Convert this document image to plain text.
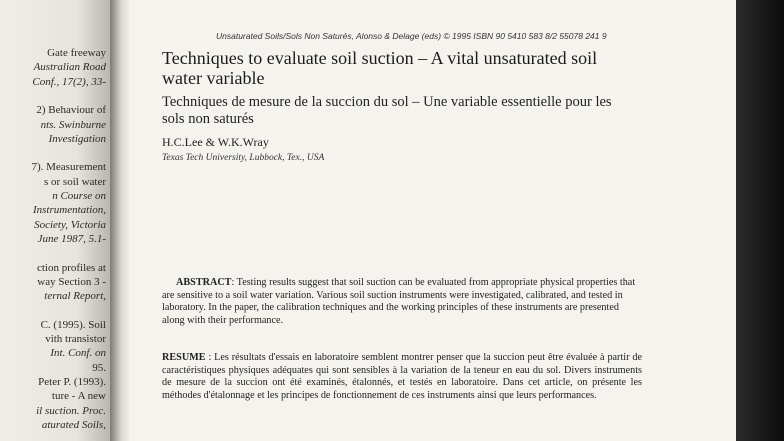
Gate freeway
Australian Road
Conf., 17(2), 33-
2) Behaviour of
nts. Swinburne
Investigation
7). Measurement
s or soil water
n Course on
Instrumentation,
Society, Victoria
June 1987, 5.1-
ction profiles at
way Section 3 -
ternal Report,
C. (1995). Soil
vith transistor
Int. Conf. on
95.
Peter P. (1993).
ture - A new
il suction. Proc.
aturated Soils,
Unsaturated Soils/Sols Non Saturés, Alonso & Delage (eds) © 1995 ISBN 90 5410 583 8/2 55078 241 9
Techniques to evaluate soil suction – A vital unsaturated soil water variable
Techniques de mesure de la succion du sol – Une variable essentielle pour les sols non saturés
H.C.Lee & W.K.Wray
Texas Tech University, Lubbock, Tex., USA
ABSTRACT: Testing results suggest that soil suction can be evaluated from appropriate physical properties that are sensitive to a soil water variation. Various soil suction instruments were investigated, calibrated, and tested in laboratory. In the paper, the calibration techniques and the working principles of these instruments are presented along with their performance.
RESUME : Les résultats d'essais en laboratoire semblent montrer penser que la succion peut être évaluée à partir de caractéristiques physiques adéquates qui sont sensibles à la variation de la teneur en eau du sol. Divers instruments de mesure de la succion ont été examinés, étalonnés, et testés en laboratoire. Dans cet article, on présente les méthodes d'étalonnage et les principes de fonctionnement de ces instruments ainsi que leurs performances.
